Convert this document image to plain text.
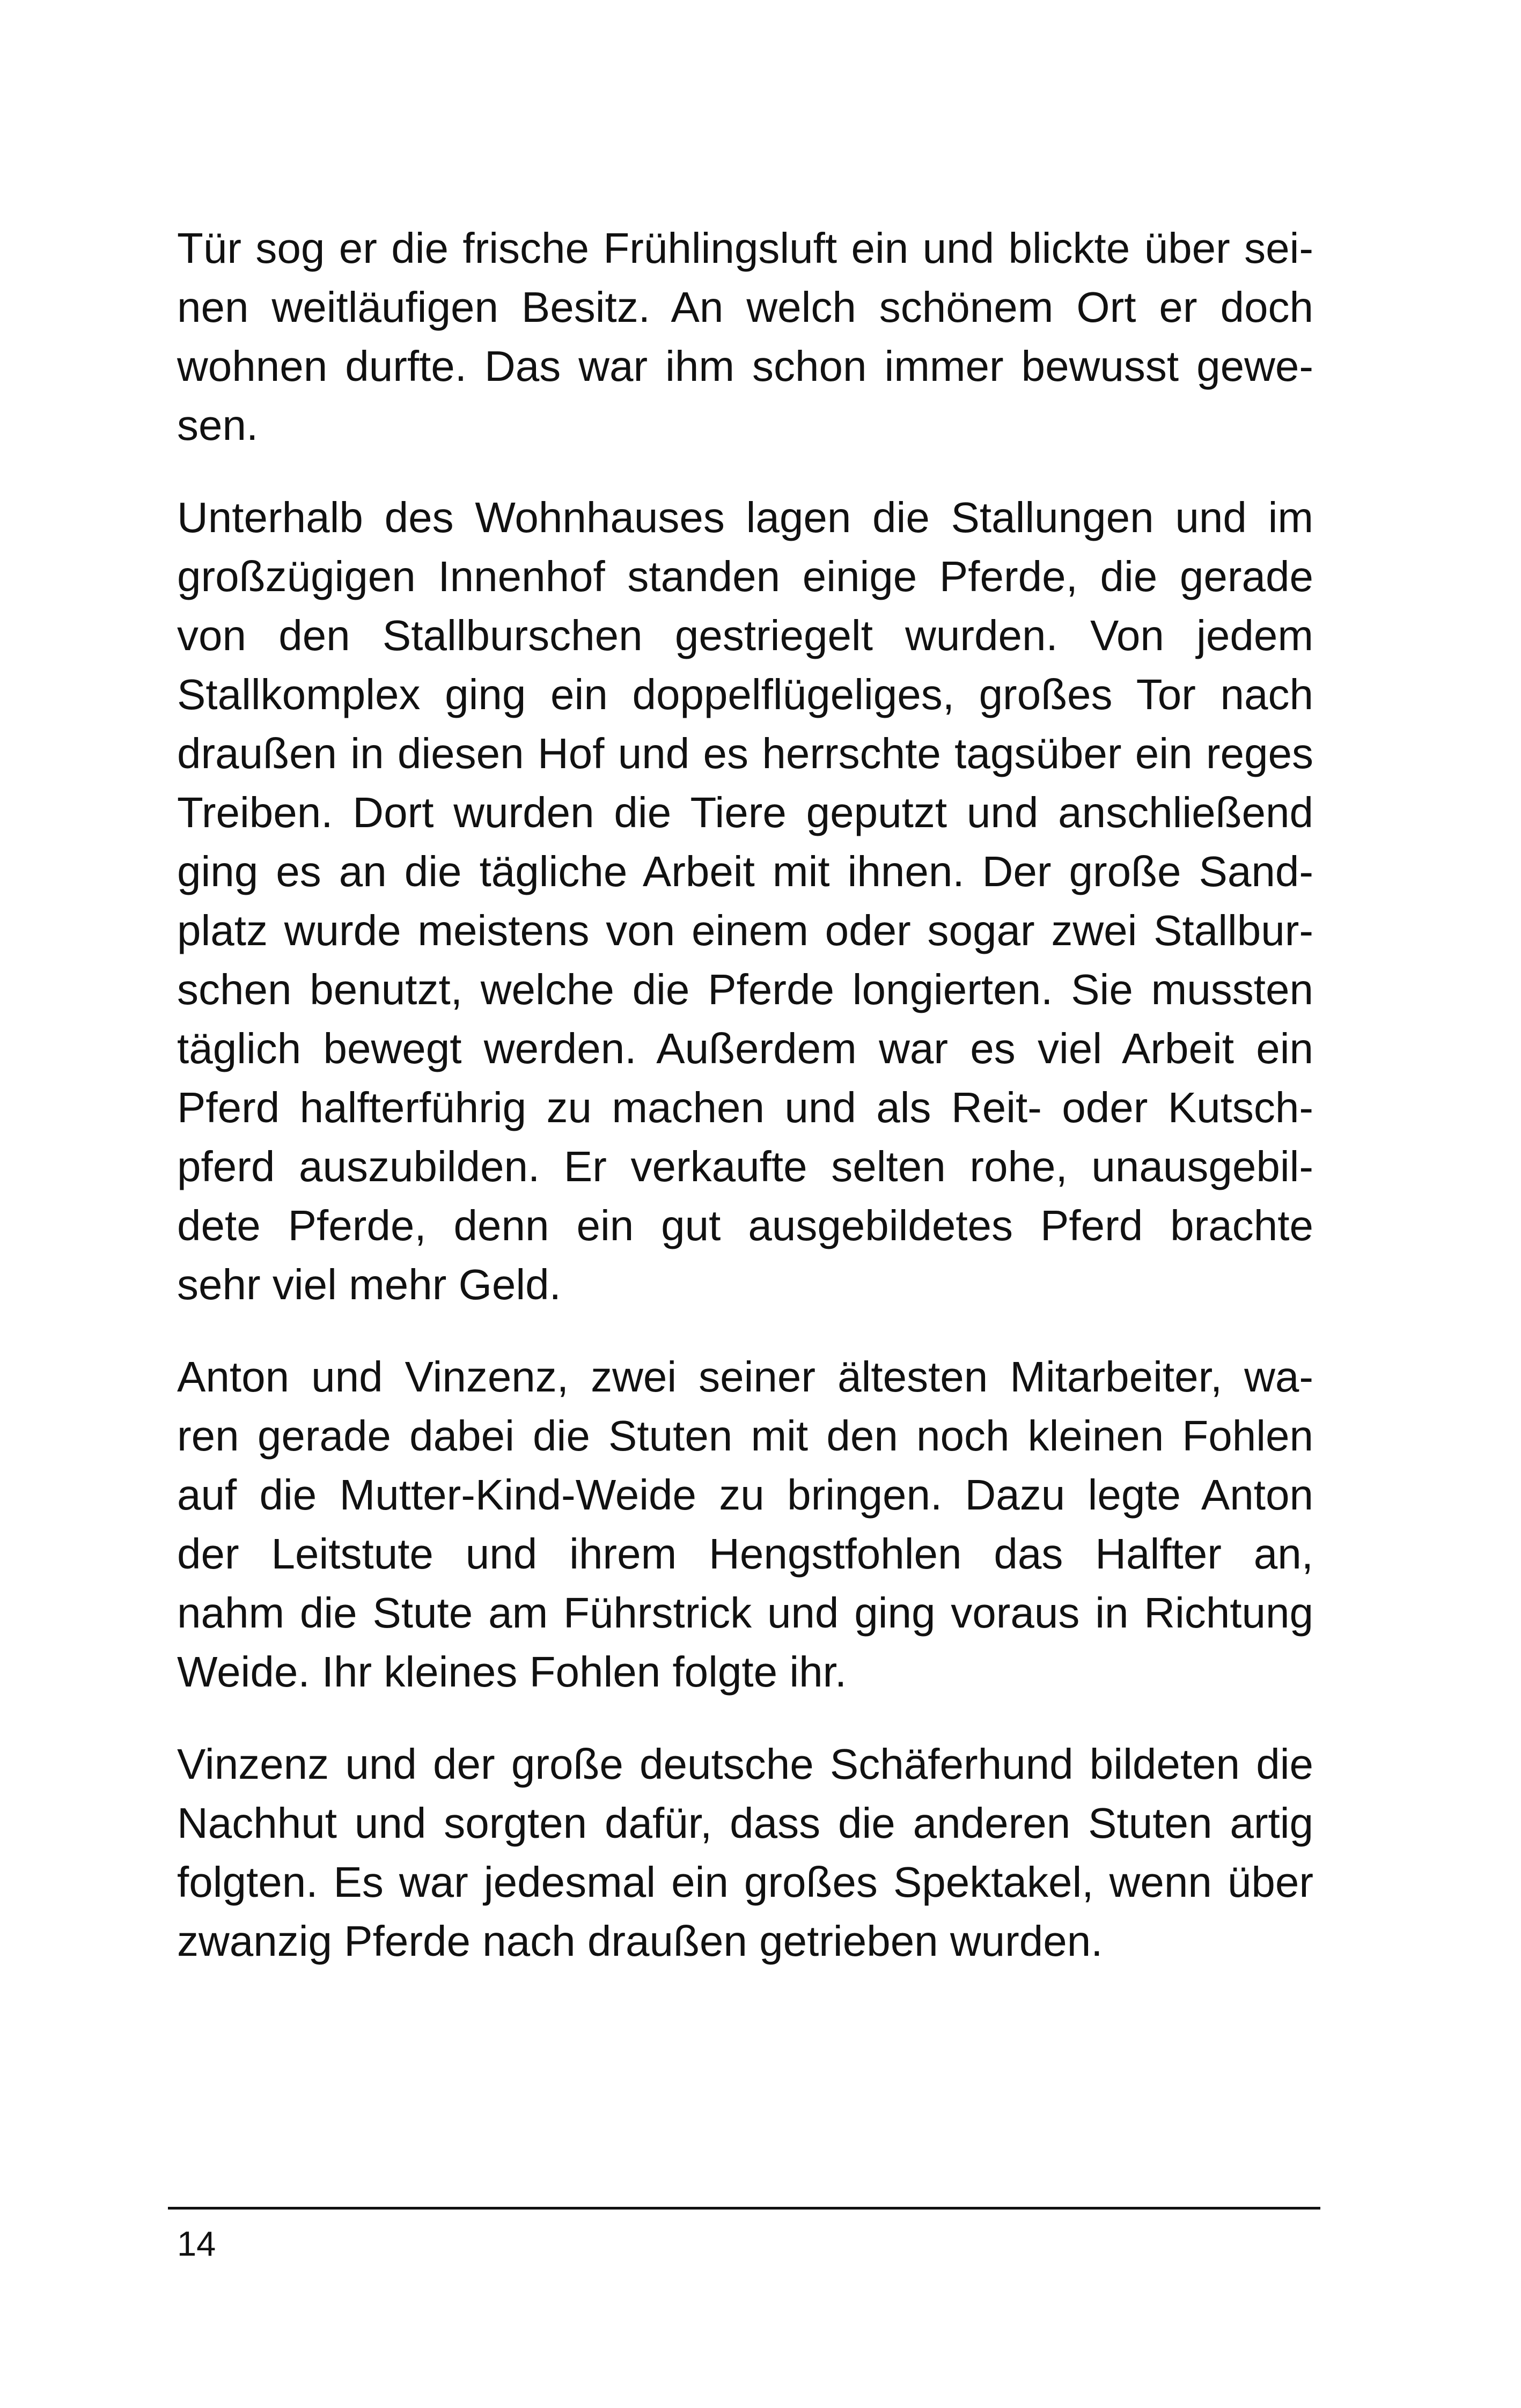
Tür sog er die frische Frühlingsluft ein und blickte über sei-
nen weitläufigen Besitz. An welch schönem Ort er doch
wohnen durfte. Das war ihm schon immer bewusst gewe-
sen.

Unterhalb des Wohnhauses lagen die Stallungen und im
großzügigen Innenhof standen einige Pferde, die gerade
von den Stallburschen gestriegelt wurden. Von jedem
Stallkomplex ging ein doppelflügeliges, großes Tor nach
draußen in diesen Hof und es herrschte tagsüber ein reges
Treiben. Dort wurden die Tiere geputzt und anschließend
ging es an die tägliche Arbeit mit ihnen. Der große Sand-
platz wurde meistens von einem oder sogar zwei Stallbur-
schen benutzt, welche die Pferde longierten. Sie mussten
täglich bewegt werden. Außerdem war es viel Arbeit ein
Pferd halfterführig zu machen und als Reit- oder Kutsch-
pferd auszubilden. Er verkaufte selten rohe, unausgebil-
dete Pferde, denn ein gut ausgebildetes Pferd brachte
sehr viel mehr Geld.

Anton und Vinzenz, zwei seiner ältesten Mitarbeiter, wa-
ren gerade dabei die Stuten mit den noch kleinen Fohlen
auf die Mutter-Kind-Weide zu bringen. Dazu legte Anton
der Leitstute und ihrem Hengstfohlen das Halfter an,
nahm die Stute am Führstrick und ging voraus in Richtung
Weide. Ihr kleines Fohlen folgte ihr.

Vinzenz und der große deutsche Schäferhund bildeten die
Nachhut und sorgten dafür, dass die anderen Stuten artig
folgten. Es war jedesmal ein großes Spektakel, wenn über
zwanzig Pferde nach draußen getrieben wurden.

14
